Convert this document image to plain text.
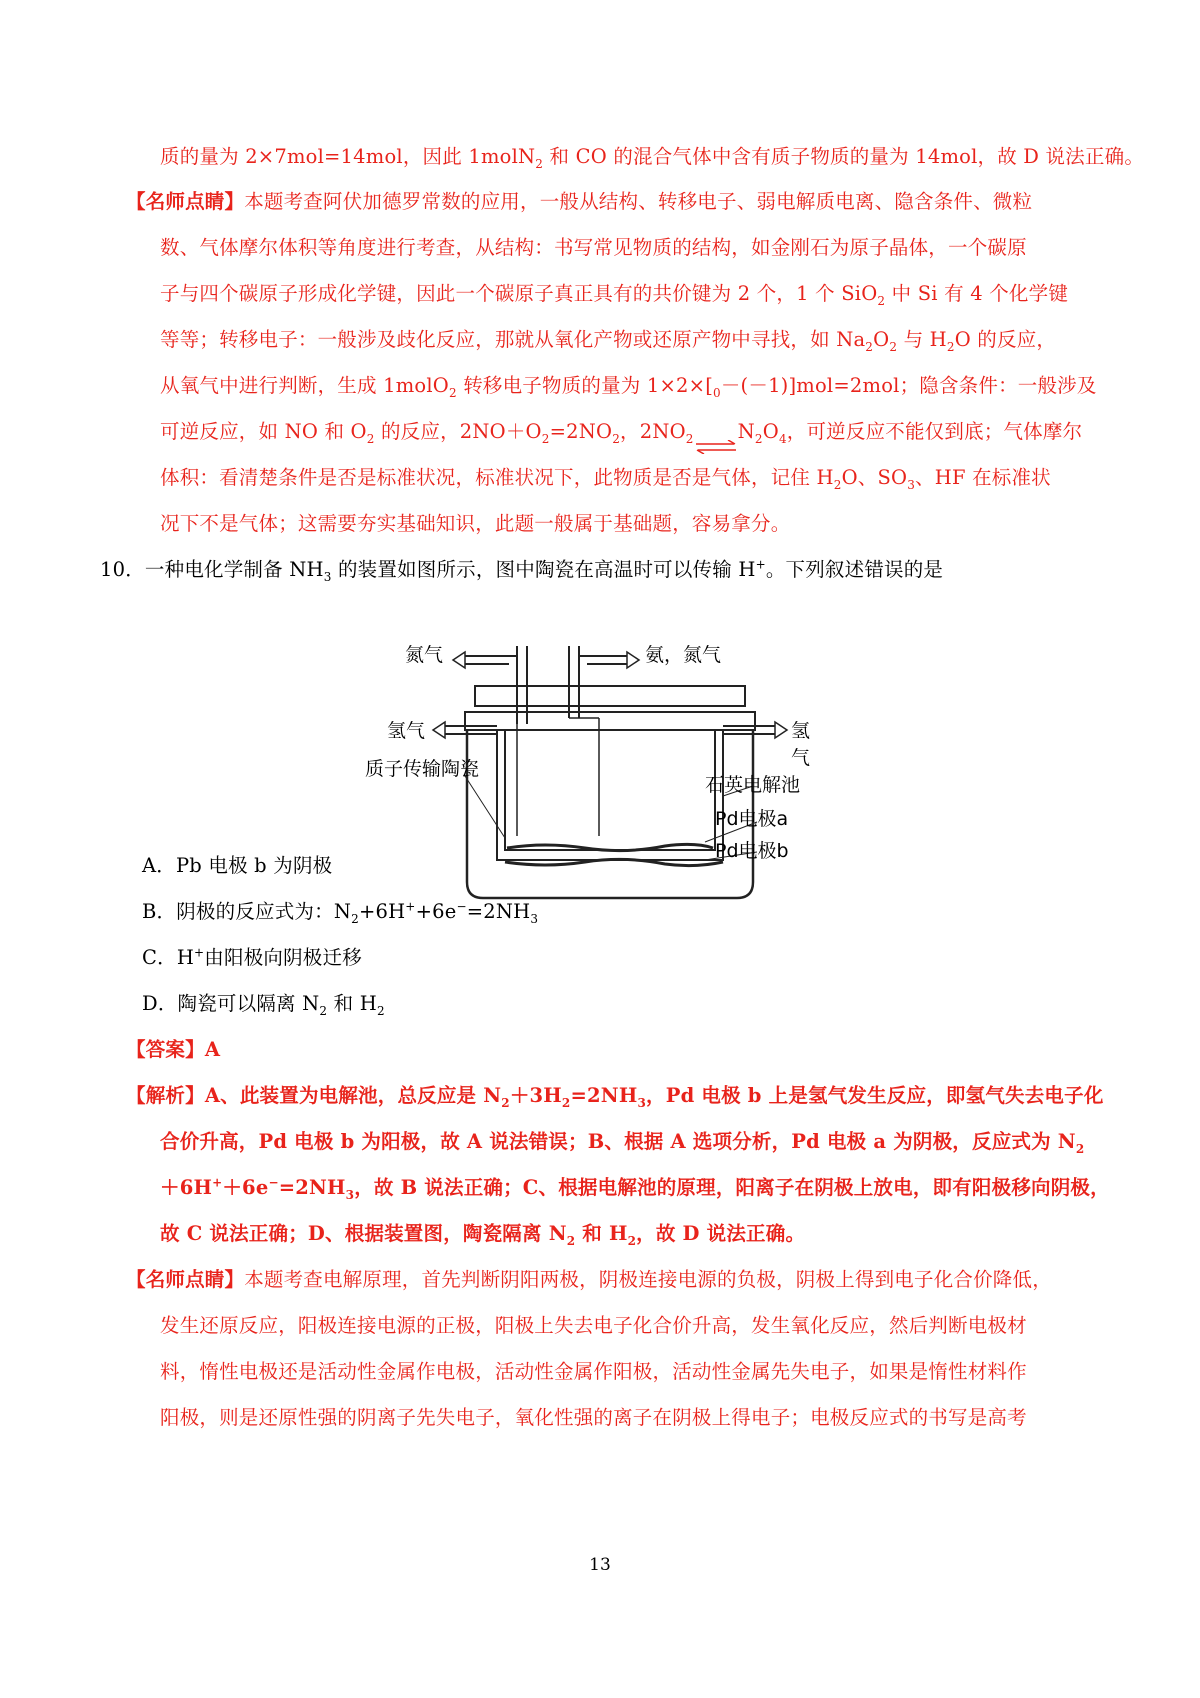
质的量为 2×7mol=14mol，因此 1molN$_2$ 和 CO 的混合气体中含有质子物质的量为 14mol，故 D 说法正确。
【名师点睛】本题考查阿伏加德罗常数的应用，一般从结构、转移电子、弱电解质电离、隐含条件、微粒
数、气体摩尔体积等角度进行考查，从结构：书写常见物质的结构，如金刚石为原子晶体，一个碳原
子与四个碳原子形成化学键，因此一个碳原子真正具有的共价键为 2 个，1 个 SiO$_2$ 中 Si 有 4 个化学键
等等；转移电子：一般涉及歧化反应，那就从氧化产物或还原产物中寻找，如 $Na_2O_2$ 与 $H_2O$ 的反应，
从氧气中进行判断，生成 1molO$_2$ 转移电子物质的量为 $1\times 2\times[_0-(-1)]mol=2mol$；隐含条件：一般涉及
可逆反应，如 NO 和 $O_2$ 的反应，$2NO+O_2=2NO_2$，$2NO_2\rightleftharpoons N_2O_4$，可逆反应不能仅到底；气体摩尔
体积：看清楚条件是否是标准状况，标准状况下，此物质是否是气体，记住 $H_2O$、$SO_3$、HF 在标准状
况下不是气体；这需要夯实基础知识，此题一般属于基础题，容易拿分。
10．一种电化学制备 $NH_3$ 的装置如图所示，图中陶瓷在高温时可以传输 H+。下列叙述错误的是
氮气	氨，氮气
氢气	氢气
质子传输陶瓷
石英电解池
Pd电极a
Pd电极b
A．Pb 电极 b 为阴极
B．阴极的反应式为：$N_2+6H^++6e^-=2NH_3$
C．H+由阳极向阴极迁移
D．陶瓷可以隔离 $N_2$ 和 $H_2$
【答案】A
【解析】A、此装置为电解池，总反应是 $N_2+3H_2=2NH_3$，Pd 电极 b 上是氢气发生反应，即氢气失去电子化
合价升高，Pd 电极 b 为阳极，故 A 说法错误；B、根据 A 选项分析，Pd 电极 a 为阴极，反应式为 $N_2$
$+6H^++6e^-=2NH_3$，故 B 说法正确；C、根据电解池的原理，阳离子在阴极上放电，即有阳极移向阴极，
故 C 说法正确；D、根据装置图，陶瓷隔离 $N_2$ 和 $H_2$，故 D 说法正确。
【名师点睛】本题考查电解原理，首先判断阴阳两极，阴极连接电源的负极，阴极上得到电子化合价降低，
发生还原反应，阳极连接电源的正极，阳极上失去电子化合价升高，发生氧化反应，然后判断电极材
料，惰性电极还是活动性金属作电极，活动性金属作阳极，活动性金属先失电子，如果是惰性材料作
阳极，则是还原性强的阴离子先失电子，氧化性强的离子在阴极上得电子；电极反应式的书写是高考
13
